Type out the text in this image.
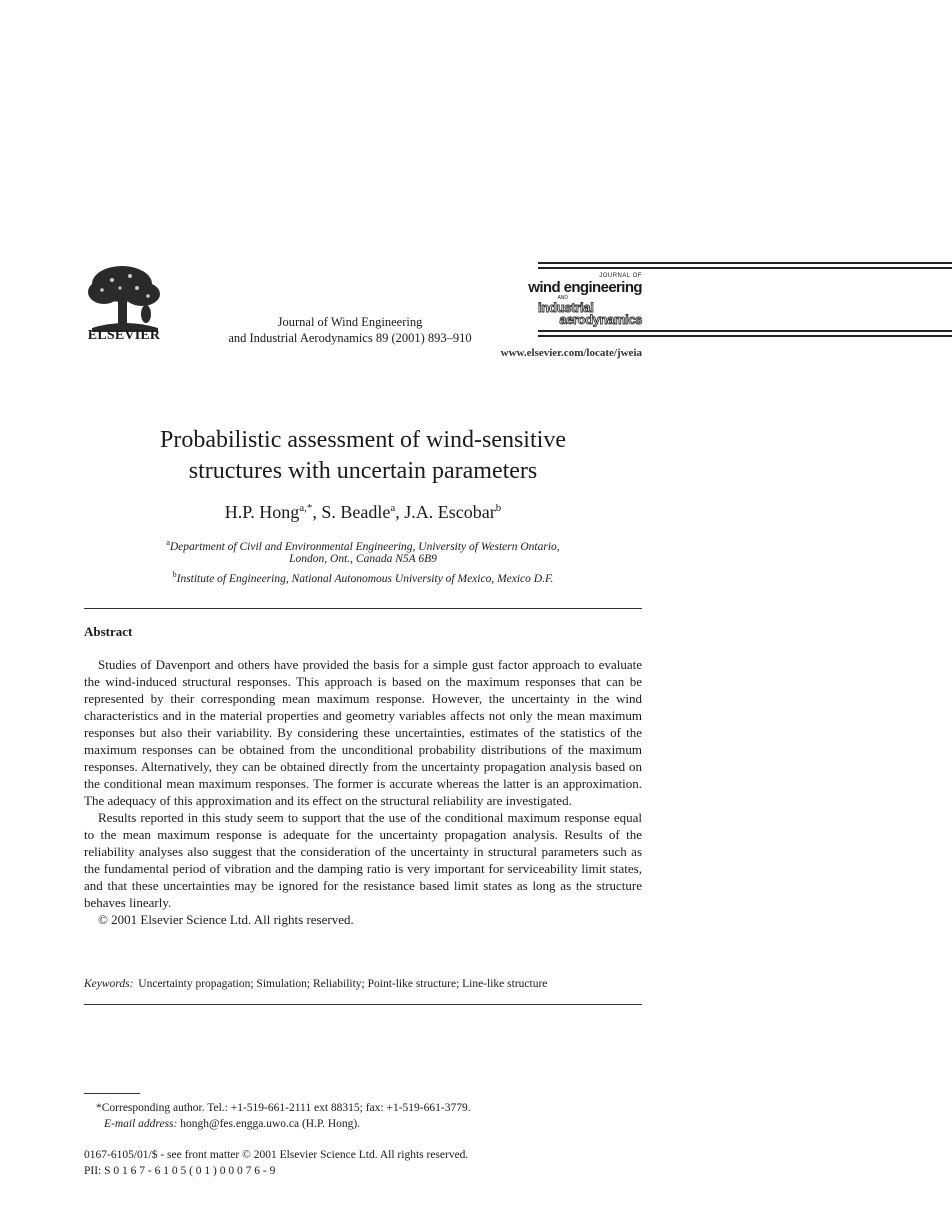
ELSEVIER
Journal of Wind Engineering
and Industrial Aerodynamics 89 (2001) 893–910
JOURNAL OF
wind engineering
AND
industrial
aerodynamics
www.elsevier.com/locate/jweia
Probabilistic assessment of wind-sensitive
structures with uncertain parameters
H.P. Hong$^{a,*}$, S. Beadle$^a$, J.A. Escobar$^b$
$^a$Department of Civil and Environmental Engineering, University of Western Ontario,
London, Ont., Canada N5A 6B9
$^b$Institute of Engineering, National Autonomous University of Mexico, Mexico D.F.
Abstract

Studies of Davenport and others have provided the basis for a simple gust factor approach to evaluate the wind-induced structural responses. This approach is based on the maximum responses that can be represented by their corresponding mean maximum response. However, the uncertainty in the wind characteristics and in the material properties and geometry variables affects not only the mean maximum responses but also their variability. By considering these uncertainties, estimates of the statistics of the maximum responses can be obtained from the unconditional probability distributions of the maximum responses. Alternatively, they can be obtained directly from the uncertainty propagation analysis based on the conditional mean maximum responses. The former is accurate whereas the latter is an approximation. The adequacy of this approximation and its effect on the structural reliability are investigated.

Results reported in this study seem to support that the use of the conditional maximum response equal to the mean maximum response is adequate for the uncertainty propagation analysis. Results of the reliability analyses also suggest that the consideration of the uncertainty in structural parameters such as the fundamental period of vibration and the damping ratio is very important for serviceability limit states, and that these uncertainties may be ignored for the resistance based limit states as long as the structure behaves linearly.

© 2001 Elsevier Science Ltd. All rights reserved.

Keywords: Uncertainty propagation; Simulation; Reliability; Point-like structure; Line-like structure
*Corresponding author. Tel.: +1-519-661-2111 ext 88315; fax: +1-519-661-3779.
E-mail address: hongh@fes.engga.uwo.ca (H.P. Hong).
0167-6105/01/$ - see front matter © 2001 Elsevier Science Ltd. All rights reserved.
PII: S 0 1 6 7 - 6 1 0 5 ( 0 1 ) 0 0 0 7 6 - 9
